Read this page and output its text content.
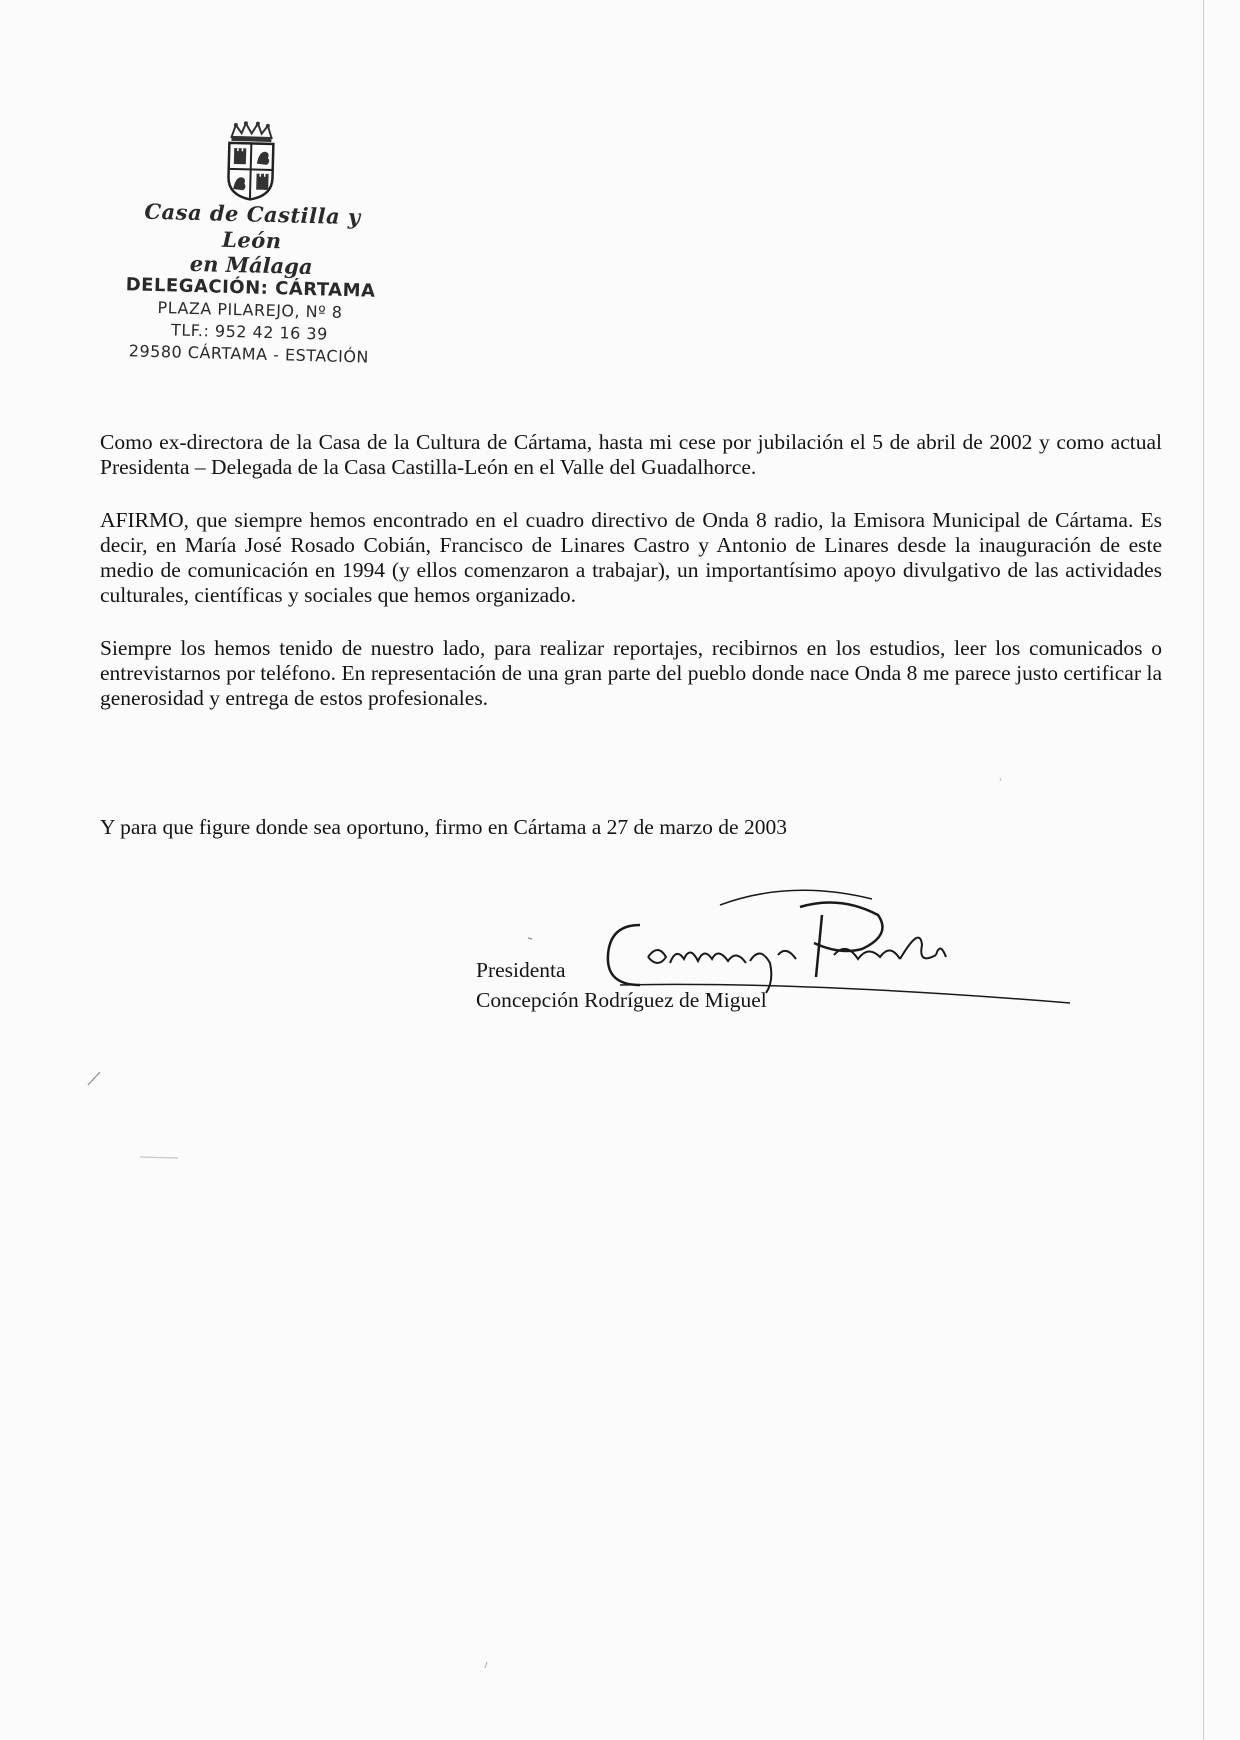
Casa de Castilla y León
en Málaga
DELEGACIÓN: CÁRTAMA
PLAZA PILAREJO, Nº 8
TLF.: 952 42 16 39
29580 CÁRTAMA - ESTACIÓN

Como ex-directora de la Casa de la Cultura de Cártama, hasta mi cese por jubilación el 5 de abril de 2002 y como actual Presidenta – Delegada de la Casa Castilla-León en el Valle del Guadalhorce.

AFIRMO, que siempre hemos encontrado en el cuadro directivo de Onda 8 radio, la Emisora Municipal de Cártama. Es decir, en María José Rosado Cobián, Francisco de Linares Castro y Antonio de Linares desde la inauguración de este medio de comunicación en 1994 (y ellos comenzaron a trabajar), un importantísimo apoyo divulgativo de las actividades culturales, científicas y sociales que hemos organizado.

Siempre los hemos tenido de nuestro lado, para realizar reportajes, recibirnos en los estudios, leer los comunicados o entrevistarnos por teléfono. En representación de una gran parte del pueblo donde nace Onda 8 me parece justo certificar la generosidad y entrega de estos profesionales.

Y para que figure donde sea oportuno, firmo en Cártama a 27 de marzo de 2003
Presidenta
Concepción Rodríguez de Miguel
